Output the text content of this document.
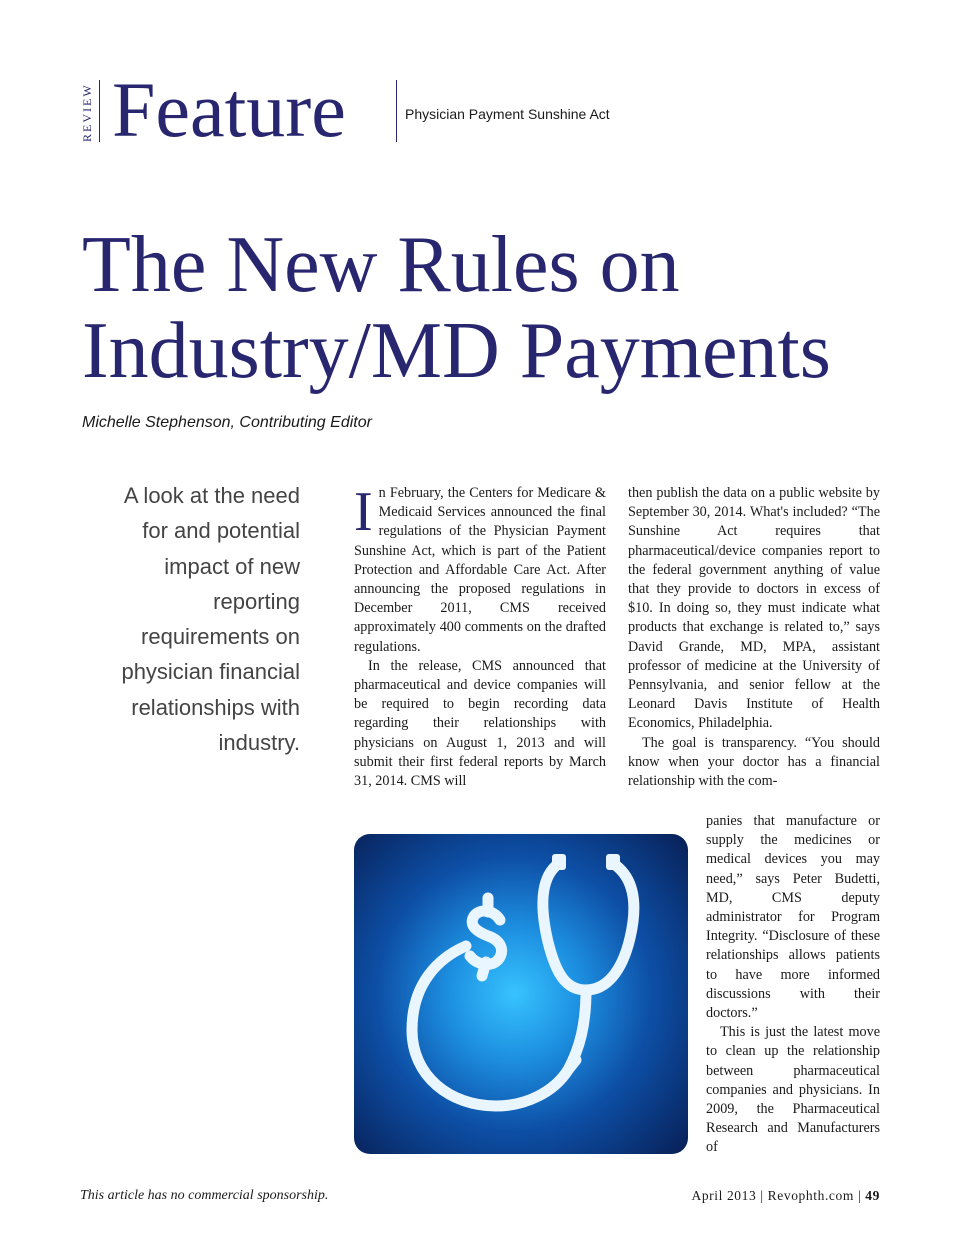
REVIEW Feature	Physician Payment Sunshine Act
The New Rules on
Industry/MD Payments
Michelle Stephenson, Contributing Editor
A look at the need for and potential impact of new reporting requirements on physician financial relationships with industry.

In February, the Centers for Medicare & Medicaid Services announced the final regulations of the Physician Payment Sunshine Act, which is part of the Patient Protection and Affordable Care Act. After announcing the proposed regulations in December 2011, CMS received approximately 400 comments on the drafted regulations.

In the release, CMS announced that pharmaceutical and device companies will be required to begin recording data regarding their relationships with physicians on August 1, 2013 and will submit their first federal reports by March 31, 2014. CMS will

then publish the data on a public website by September 30, 2014. What's included? “The Sunshine Act requires that pharmaceutical/device companies report to the federal government anything of value that they provide to doctors in excess of $10. In doing so, they must indicate what products that exchange is related to,” says David Grande, MD, MPA, assistant professor of medicine at the University of Pennsylvania, and senior fellow at the Leonard Davis Institute of Health Economics, Philadelphia.

The goal is transparency. “You should know when your doctor has a financial relationship with the com-

panies that manufacture or supply the medicines or medical devices you may need,” says Peter Budetti, MD, CMS deputy administrator for Program Integrity. “Disclosure of these relationships allows patients to have more informed discussions with their doctors.”

This is just the latest move to clean up the relationship between pharmaceutical companies and physicians. In 2009, the Pharmaceutical Research and Manufacturers of

This article has no commercial sponsorship.	April 2013 | Revophth.com | 49
